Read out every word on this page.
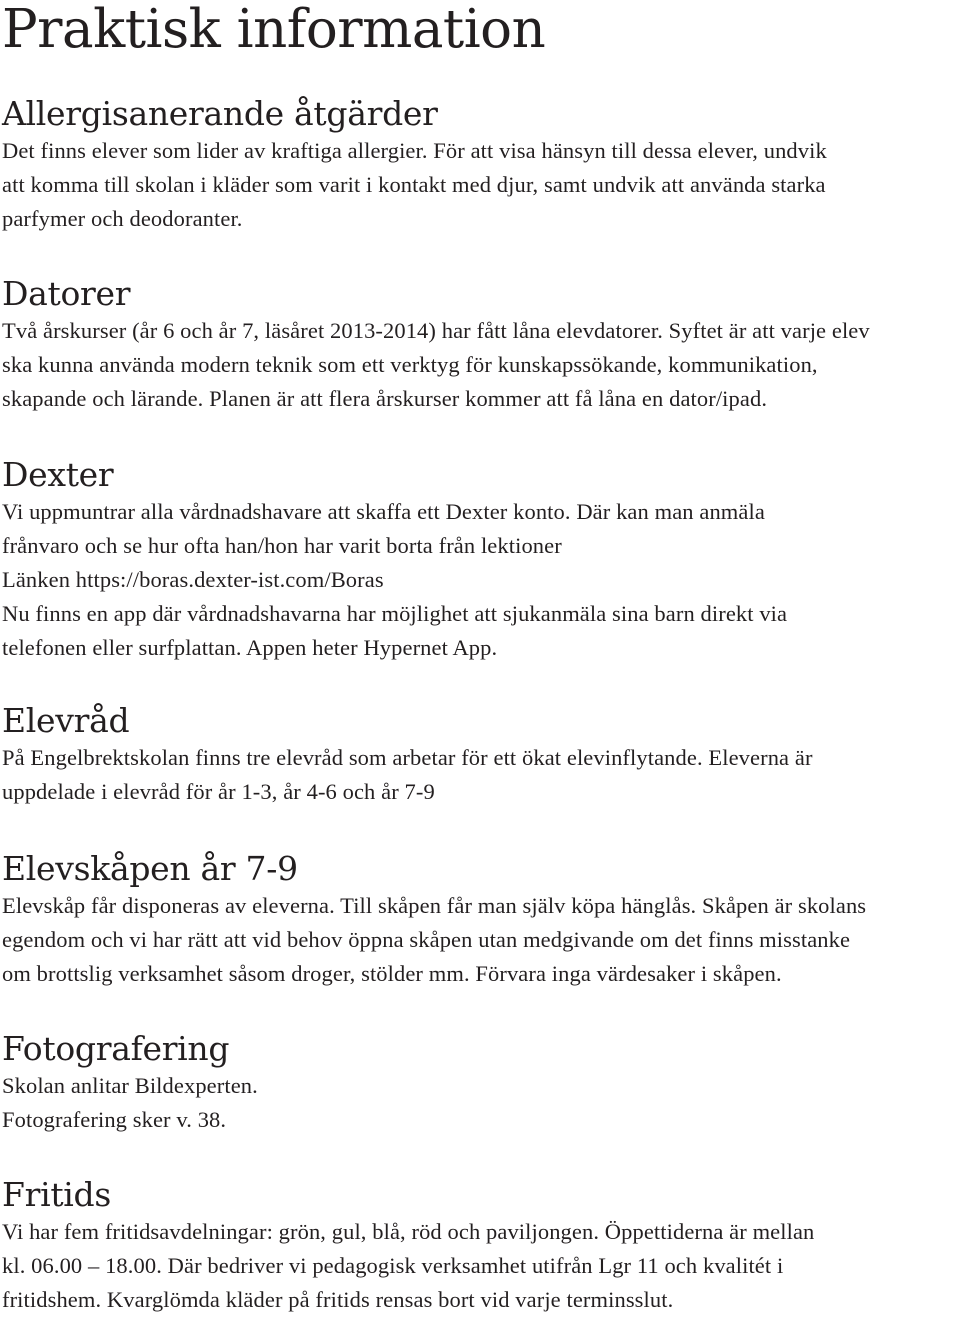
Praktisk information
Allergisanerande åtgärder

Det finns elever som lider av kraftiga allergier. För att visa hänsyn till dessa elever, undvik
att komma till skolan i kläder som varit i kontakt med djur, samt undvik att använda starka
parfymer och deodoranter.

Datorer

Två årskurser (år 6 och år 7, läsåret 2013-2014) har fått låna elevdatorer. Syftet är att varje elev
ska kunna använda modern teknik som ett verktyg för kunskapssökande, kommunikation,
skapande och lärande. Planen är att flera årskurser kommer att få låna en dator/ipad.

Dexter

Vi uppmuntrar alla vårdnadshavare att skaffa ett Dexter konto. Där kan man anmäla
frånvaro och se hur ofta han/hon har varit borta från lektioner
Länken https://boras.dexter-ist.com/Boras
Nu finns en app där vårdnadshavarna har möjlighet att sjukanmäla sina barn direkt via
telefonen eller surfplattan. Appen heter Hypernet App.

Elevråd

På Engelbrektskolan finns tre elevråd som arbetar för ett ökat elevinflytande. Eleverna är
uppdelade i elevråd för år 1-3, år 4-6 och år 7-9

Elevskåpen år 7-9

Elevskåp får disponeras av eleverna. Till skåpen får man själv köpa hänglås. Skåpen är skolans
egendom och vi har rätt att vid behov öppna skåpen utan medgivande om det finns misstanke
om brottslig verksamhet såsom droger, stölder mm. Förvara inga värdesaker i skåpen.

Fotografering

Skolan anlitar Bildexperten.
Fotografering sker v. 38.

Fritids

Vi har fem fritidsavdelningar: grön, gul, blå, röd och paviljongen. Öppettiderna är mellan
kl. 06.00 – 18.00. Där bedriver vi pedagogisk verksamhet utifrån Lgr 11 och kvalitét i
fritidshem. Kvarglömda kläder på fritids rensas bort vid varje terminsslut.
